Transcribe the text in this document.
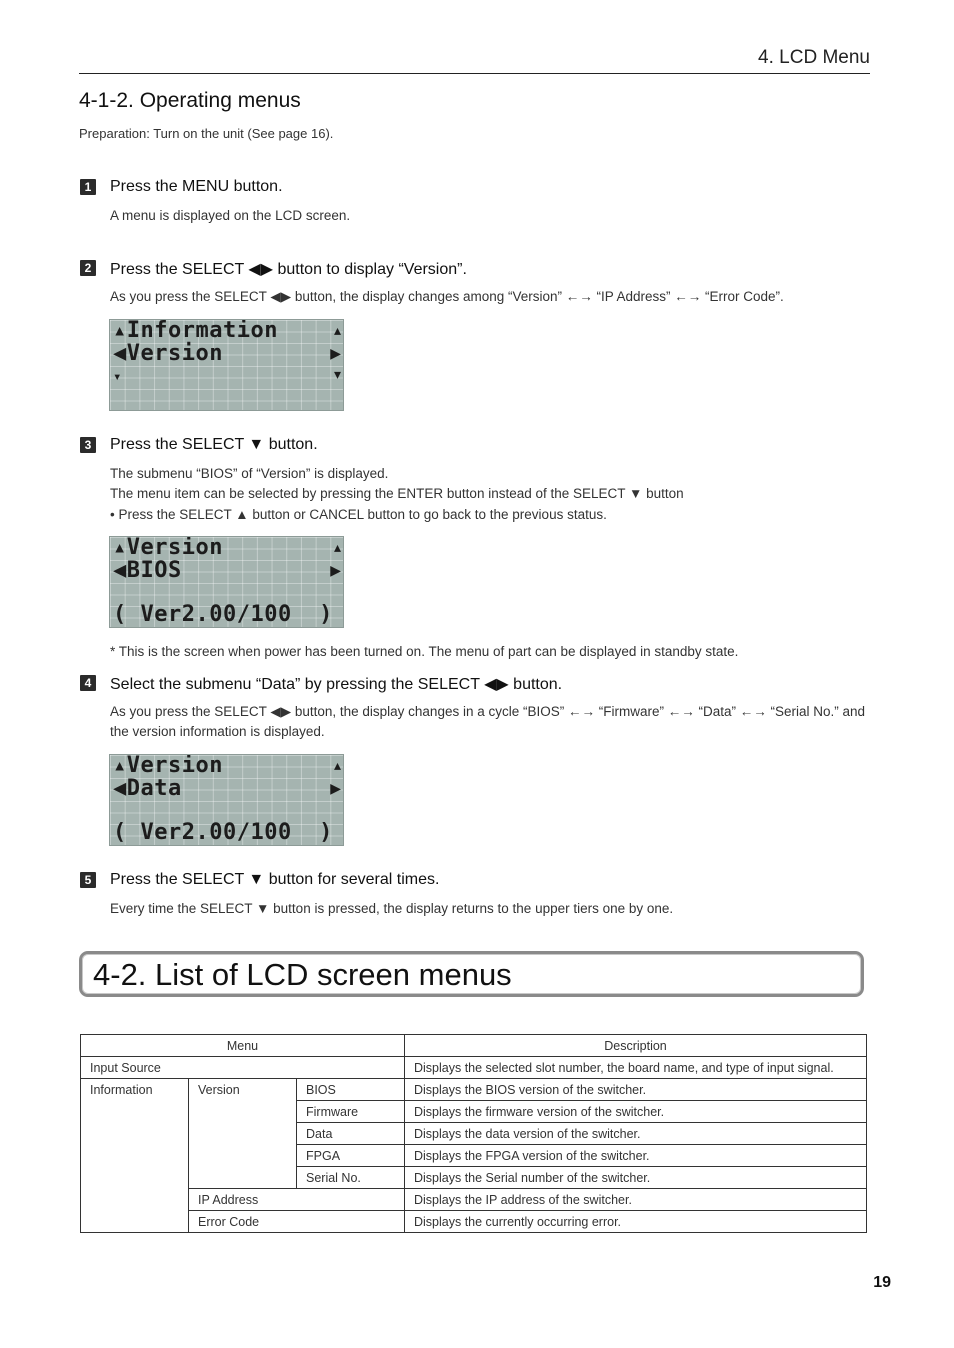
4. LCD Menu
4-1-2. Operating menus
Preparation: Turn on the unit (See page 16).
1 Press the MENU button.
A menu is displayed on the LCD screen.
2 Press the SELECT ◀▶ button to display “Version”.
As you press the SELECT ◀▶ button, the display changes among “Version” ←→ “IP Address” ←→ “Error Code”.
▴Information
◀Version
▾
▴
▶
▾
3 Press the SELECT ▼ button.
The submenu “BIOS” of “Version” is displayed.
The menu item can be selected by pressing the ENTER button instead of the SELECT ▼ button
• Press the SELECT ▲ button or CANCEL button to go back to the previous status.
▴Version
◀BIOS
( Ver2.00/100  )
▴
▶
* This is the screen when power has been turned on. The menu of part can be displayed in standby state.
4 Select the submenu “Data” by pressing the SELECT ◀▶ button.
As you press the SELECT ◀▶ button, the display changes in a cycle “BIOS” ←→ “Firmware” ←→ “Data” ←→ “Serial No.” and the version information is displayed.
▴Version
◀Data
( Ver2.00/100  )
▴
▶
5 Press the SELECT ▼ button for several times.
Every time the SELECT ▼ button is pressed, the display returns to the upper tiers one by one.
4-2. List of LCD screen menus
Menu			Description
Input Source			Displays the selected slot number, the board name, and type of input signal.
Information	Version	BIOS	Displays the BIOS version of the switcher.
		Firmware	Displays the firmware version of the switcher.
		Data	Displays the data version of the switcher.
		FPGA	Displays the FPGA version of the switcher.
		Serial No.	Displays the Serial number of the switcher.
	IP Address		Displays the IP address of the switcher.
	Error Code		Displays the currently occurring error.
19
